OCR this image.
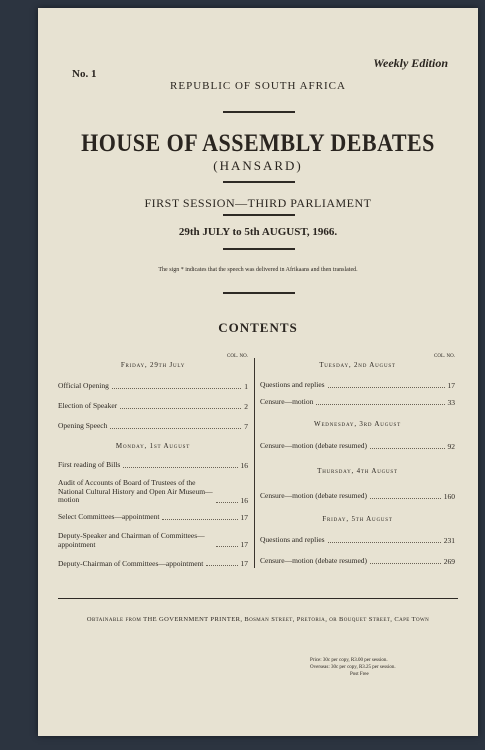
No. 1
Weekly Edition
REPUBLIC OF SOUTH AFRICA
HOUSE OF ASSEMBLY DEBATES
(HANSARD)
FIRST SESSION—THIRD PARLIAMENT
29th JULY to 5th AUGUST, 1966.
The sign * indicates that the speech was delivered in Afrikaans and then translated.
CONTENTS
COL. NO.
Friday, 29th July
Official Opening	1
Election of Speaker	2
Opening Speech	7
Monday, 1st August
First reading of Bills	16
Audit of Accounts of Board of Trustees of the National Cultural History and Open Air Museum—motion	16
Select Committees—appointment	17
Deputy-Speaker and Chairman of Committees—appointment	17
Deputy-Chairman of Committees—appointment	17
COL. NO.
Tuesday, 2nd August
Questions and replies	17
Censure—motion	33
Wednesday, 3rd August
Censure—motion (debate resumed)	92
Thursday, 4th August
Censure—motion (debate resumed)	160
Friday, 5th August
Questions and replies	231
Censure—motion (debate resumed)	269
Obtainable from THE GOVERNMENT PRINTER, Bosman Street, Pretoria, or Bouquet Street, Cape Town
Price: 30c per copy, R3.00 per session.
Overseas: 30c per copy, R3.25 per session.
Post Free
